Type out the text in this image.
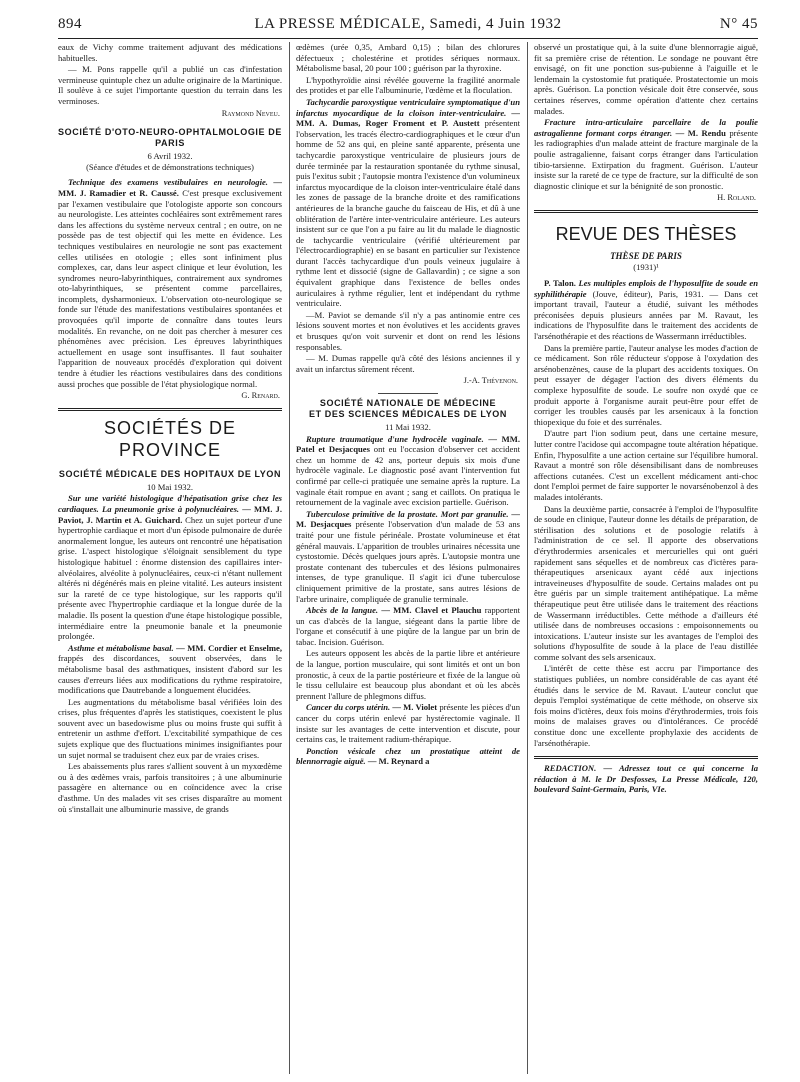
894	LA PRESSE MÉDICALE, Samedi, 4 Juin 1932	N° 45

eaux de Vichy comme traitement adjuvant des médications habituelles.

— M. Pons rappelle qu'il a publié un cas d'infestation vermineuse quintuple chez un adulte originaire de la Martinique. Il soulève à ce sujet l'importante question du terrain dans les verminoses.

Raymond Neveu.
SOCIÉTÉ D'OTO-NEURO-OPHTALMOLOGIE DE PARIS
6 Avril 1932.
(Séance d'études et de démonstrations techniques)

Technique des examens vestibulaires en neurologie. — MM. J. Ramadier et R. Caussé. C'est presque exclusivement par l'examen vestibulaire que l'otologiste apporte son concours au neurologiste. Les atteintes cochléaires sont extrêmement rares dans les affections du système nerveux central ; en outre, on ne possède pas de test objectif qui les mette en évidence. Les techniques vestibulaires en neurologie ne sont pas exactement celles utilisées en otologie ; elles sont infiniment plus complexes, car, dans leur aspect clinique et leur évolution, les syndromes neuro-labyrinthiques, contrairement aux syndromes oto-labyrinthiques, se présentent comme parcellaires, incomplets, dysharmonieux. L'observation oto-neurologique se fonde sur l'étude des manifestations vestibulaires spontanées et provoquées qu'il importe de connaître dans toutes leurs modalités. En revanche, on ne doit pas chercher à mesurer ces phénomènes avec précision. Les épreuves labyrinthiques actuellement en usage sont insuffisantes. Il faut souhaiter l'apparition de nouveaux procédés d'exploration qui doivent tendre à étudier les réactions vestibulaires dans des conditions aussi proches que possible de l'état physiologique normal.

G. Renard.
SOCIÉTÉS DE PROVINCE
SOCIÉTÉ MÉDICALE DES HOPITAUX DE LYON
10 Mai 1932.

Sur une variété histologique d'hépatisation grise chez les cardiaques. La pneumonie grise à polynucléaires. — MM. J. Paviot, J. Martin et A. Guichard. Chez un sujet porteur d'une hypertrophie cardiaque et mort d'un épisode pulmonaire de durée anormalement longue, les auteurs ont rencontré une hépatisation grise. L'aspect histologique s'éloignait sensiblement du type histologique habituel : énorme distension des capillaires inter-alvéolaires, alvéolite à polynucléaires, ceux-ci n'étant nullement altérés ni dégénérés mais en pleine vitalité. Les auteurs insistent sur la rareté de ce type histologique, sur les rapports qu'il présente avec l'hypertrophie cardiaque et la longue durée de la maladie. Ils posent la question d'une étape histologique possible, intermédiaire entre la pneumonie banale et la pneumonie prolongée.

Asthme et métabolisme basal. — MM. Cordier et Enselme, frappés des discordances, souvent observées, dans le métabolisme basal des asthmatiques, insistent d'abord sur les causes d'erreurs liées aux modifications du rythme respiratoire, modifications que Dautrebande a longuement élucidées.

Les augmentations du métabolisme basal vérifiées loin des crises, plus fréquentes d'après les statistiques, coexistent le plus souvent avec un basedowisme plus ou moins fruste qui suffit à entretenir un asthme d'effort. L'excitabilité sympathique de ces sujets explique que des fluctuations minimes insignifiantes pour un sujet normal se traduisent chez eux par de vraies crises.

Les abaissements plus rares s'allient souvent à un myxœdème ou à des œdèmes vrais, parfois transitoires ; à une albuminurie passagère en alternance ou en coïncidence avec la crise d'asthme. Un des malades vit ses crises disparaître au moment où s'installait une albuminurie massive, de grands

œdèmes (urée 0,35, Ambard 0,15) ; bilan des chlorures défectueux ; cholestérine et protides sériques normaux. Métabolisme basal, 20 pour 100 ; guérison par la thyroxine.

L'hypothyroïdie ainsi révélée gouverne la fragilité anormale des protides et par elle l'albuminurie, l'œdème et la floculation.

Tachycardie paroxystique ventriculaire symptomatique d'un infarctus myocardique de la cloison inter-ventriculaire. — MM. A. Dumas, Roger Froment et P. Austett présentent l'observation, les tracés électro-cardiographiques et le cœur d'un homme de 52 ans qui, en pleine santé apparente, présenta une tachycardie paroxystique ventriculaire de plusieurs jours de durée terminée par la restauration spontanée du rythme sinusal, puis l'exitus subit ; l'autopsie montra l'existence d'un volumineux infarctus myocardique de la cloison inter-ventriculaire étalé dans les zones de passage de la branche droite et des ramifications antérieures de la branche gauche du faisceau de His, et dû à une oblitération de l'artère inter-ventriculaire antérieure. Les auteurs insistent sur ce que l'on a pu faire au lit du malade le diagnostic de tachycardie ventriculaire (vérifié ultérieurement par l'électrocardiographie) en se basant en particulier sur l'existence durant l'accès tachycardique d'un pouls veineux jugulaire à rythme lent et dissocié (signe de Gallavardin) ; ce signe a son équivalent graphique dans l'existence de belles ondes auriculaires à rythme régulier, lent et indépendant du rythme ventriculaire.

—M. Paviot se demande s'il n'y a pas antinomie entre ces lésions souvent mortes et non évolutives et les accidents graves et brusques qu'on voit survenir et dont on rend les lésions responsables.

— M. Dumas rappelle qu'à côté des lésions anciennes il y avait un infarctus sûrement récent.

J.-A. Thévenon.
SOCIÉTÉ NATIONALE DE MÉDECINE
ET DES SCIENCES MÉDICALES DE LYON
11 Mai 1932.

Rupture traumatique d'une hydrocèle vaginale. — MM. Patel et Desjacques ont eu l'occasion d'observer cet accident chez un homme de 42 ans, porteur depuis six mois d'une hydrocèle vaginale. Le diagnostic posé avant l'intervention fut confirmé par celle-ci pratiquée une semaine après la rupture. La vaginale était rompue en avant ; sang et caillots. On pratiqua le retournement de la vaginale avec excision partielle. Guérison.

Tuberculose primitive de la prostate. Mort par granulie. — M. Desjacques présente l'observation d'un malade de 53 ans traité pour une fistule périnéale. Prostate volumineuse et état général mauvais. L'apparition de troubles urinaires nécessita une cystostomie. Décès quelques jours après. L'autopsie montra une prostate contenant des tubercules et des lésions pulmonaires intenses, de type granulique. Il s'agit ici d'une tuberculose cliniquement primitive de la prostate, sans autres lésions de l'arbre urinaire, compliquée de granulie terminale.

Abcès de la langue. — MM. Clavel et Plauchu rapportent un cas d'abcès de la langue, siégeant dans la partie libre de l'organe et consécutif à une piqûre de la langue par un brin de tabac. Incision. Guérison.

Les auteurs opposent les abcès de la partie libre et antérieure de la langue, portion musculaire, qui sont limités et ont un bon pronostic, à ceux de la partie postérieure et fixée de la langue où le tissu cellulaire est beaucoup plus abondant et où les abcès prennent l'allure de phlegmons diffus.

Cancer du corps utérin. — M. Violet présente les pièces d'un cancer du corps utérin enlevé par hystérectomie vaginale. Il insiste sur les avantages de cette intervention et discute, pour certains cas, le traitement radium-thérapique.

Ponction vésicale chez un prostatique atteint de blennorragie aiguë. — M. Reynard a

observé un prostatique qui, à la suite d'une blennorragie aiguë, fit sa première crise de rétention. Le sondage ne pouvant être envisagé, on fit une ponction sus-pubienne à l'aiguille et le lendemain la cystostomie fut pratiquée. Prostatectomie un mois après. Guérison. La ponction vésicale doit être conservée, sous certaines réserves, comme opération d'attente chez certains malades.

Fracture intra-articulaire parcellaire de la poulie astragalienne formant corps étranger. — M. Rendu présente les radiographies d'un malade atteint de fracture marginale de la poulie astragalienne, faisant corps étranger dans l'articulation tibio-tarsienne. Extirpation du fragment. Guérison. L'auteur insiste sur la rareté de ce type de fracture, sur la difficulté de son diagnostic clinique et sur la bénignité de son pronostic.

H. Roland.
REVUE DES THÈSES
THÈSE DE PARIS
(1931)¹

P. Talon. Les multiples emplois de l'hyposulfite de soude en syphilithérapie (Jouve, éditeur), Paris, 1931. — Dans cet important travail, l'auteur a étudié, suivant les méthodes préconisées depuis plusieurs années par M. Ravaut, les indications de l'hyposulfite dans le traitement des accidents de l'arsénothérapie et des réactions de Wassermann irréductibles.

Dans la première partie, l'auteur analyse les modes d'action de ce médicament. Son rôle réducteur s'oppose à l'oxydation des arsénobenzènes, cause de la plupart des accidents toxiques. On peut essayer de dégager l'action des divers éléments du complexe hyposulfite de soude. Le soufre non oxydé que ce produit apporte à l'organisme aurait peut-être pour effet de corriger les troubles causés par les arsenicaux à la fonction thiopexique du foie et des surrénales.

D'autre part l'ion sodium peut, dans une certaine mesure, lutter contre l'acidose qui accompagne toute altération hépatique. Enfin, l'hyposulfite a une action certaine sur l'équilibre humoral. Ravaut a montré son rôle désensibilisant dans de nombreuses affections cutanées. C'est un excellent médicament anti-choc dont l'emploi permet de faire supporter le novarsénobenzol à des malades intolérants.

Dans la deuxième partie, consacrée à l'emploi de l'hyposulfite de soude en clinique, l'auteur donne les détails de préparation, de stérilisation des solutions et de posologie relatifs à l'administration de ce sel. Il apporte des observations d'érythrodermies arsenicales et mercurielles qui ont guéri rapidement sans séquelles et de nombreux cas d'ictères para-thérapeutiques arsenicaux ayant cédé aux injections intraveineuses d'hyposulfite de soude. Certains malades ont pu être guéris par un simple traitement antihépatique. La même thérapeutique peut être utilisée dans le traitement des réactions de Wassermann irréductibles. Cette méthode a d'ailleurs été utilisée dans de nombreuses occasions : empoisonnements ou intoxications. L'auteur insiste sur les avantages de l'emploi des solutions d'hyposulfite de soude à la place de l'eau distillée comme solvant des sels arsenicaux.

L'intérêt de cette thèse est accru par l'importance des statistiques publiées, un nombre considérable de cas ayant été étudiés dans le service de M. Ravaut. L'auteur conclut que depuis l'emploi systématique de cette méthode, on observe six fois moins d'ictères, deux fois moins d'érythrodermies, trois fois moins de malaises graves ou d'intolérances. Ce procédé constitue donc une excellente prophylaxie des accidents de l'arsénothérapie.

REDACTION. — Adressez tout ce qui concerne la rédaction à M. le Dr Desfosses, La Presse Médicale, 120, boulevard Saint-Germain, Paris, VIe.
